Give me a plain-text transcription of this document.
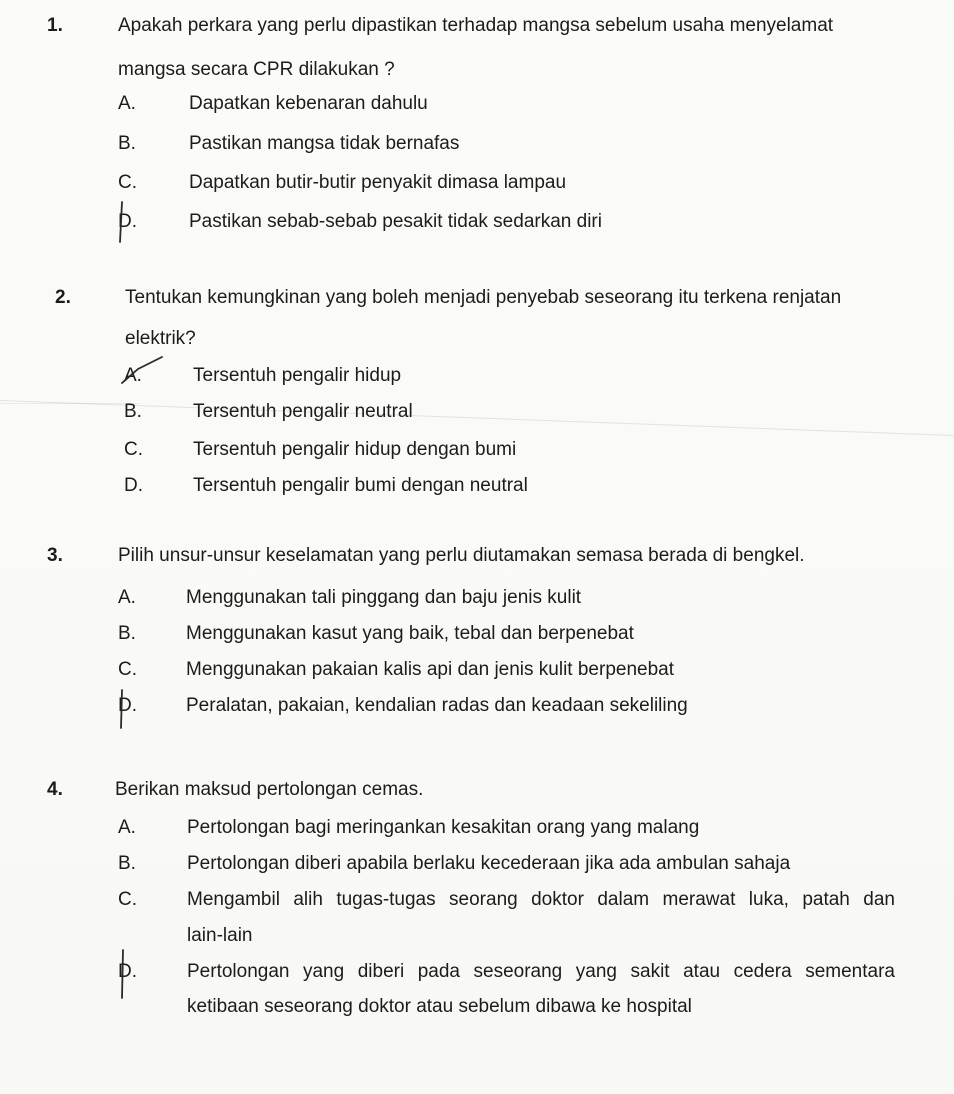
1.	Apakah perkara yang perlu dipastikan terhadap mangsa sebelum usaha menyelamat
mangsa secara CPR dilakukan ?
A.	Dapatkan kebenaran dahulu
B.	Pastikan mangsa tidak bernafas
C.	Dapatkan butir-butir penyakit dimasa lampau
D.	Pastikan sebab-sebab pesakit tidak sedarkan diri
2.	Tentukan kemungkinan yang boleh menjadi penyebab seseorang itu terkena renjatan
elektrik?
A.	Tersentuh pengalir hidup
B.	Tersentuh pengalir neutral
C.	Tersentuh pengalir hidup dengan bumi
D.	Tersentuh pengalir bumi dengan neutral
3.	Pilih unsur-unsur keselamatan yang perlu diutamakan semasa berada di bengkel.
A.	Menggunakan tali pinggang dan baju jenis kulit
B.	Menggunakan kasut yang baik, tebal dan berpenebat
C.	Menggunakan pakaian kalis api dan jenis kulit berpenebat
D.	Peralatan, pakaian, kendalian radas dan keadaan sekeliling
4.	Berikan maksud pertolongan cemas.
A.	Pertolongan bagi meringankan kesakitan orang yang malang
B.	Pertolongan diberi apabila berlaku kecederaan jika ada ambulan sahaja
C.	Mengambil alih tugas-tugas seorang doktor dalam merawat luka, patah dan
lain-lain
D.	Pertolongan yang diberi pada seseorang yang sakit atau cedera sementara
ketibaan seseorang doktor atau sebelum dibawa ke hospital
